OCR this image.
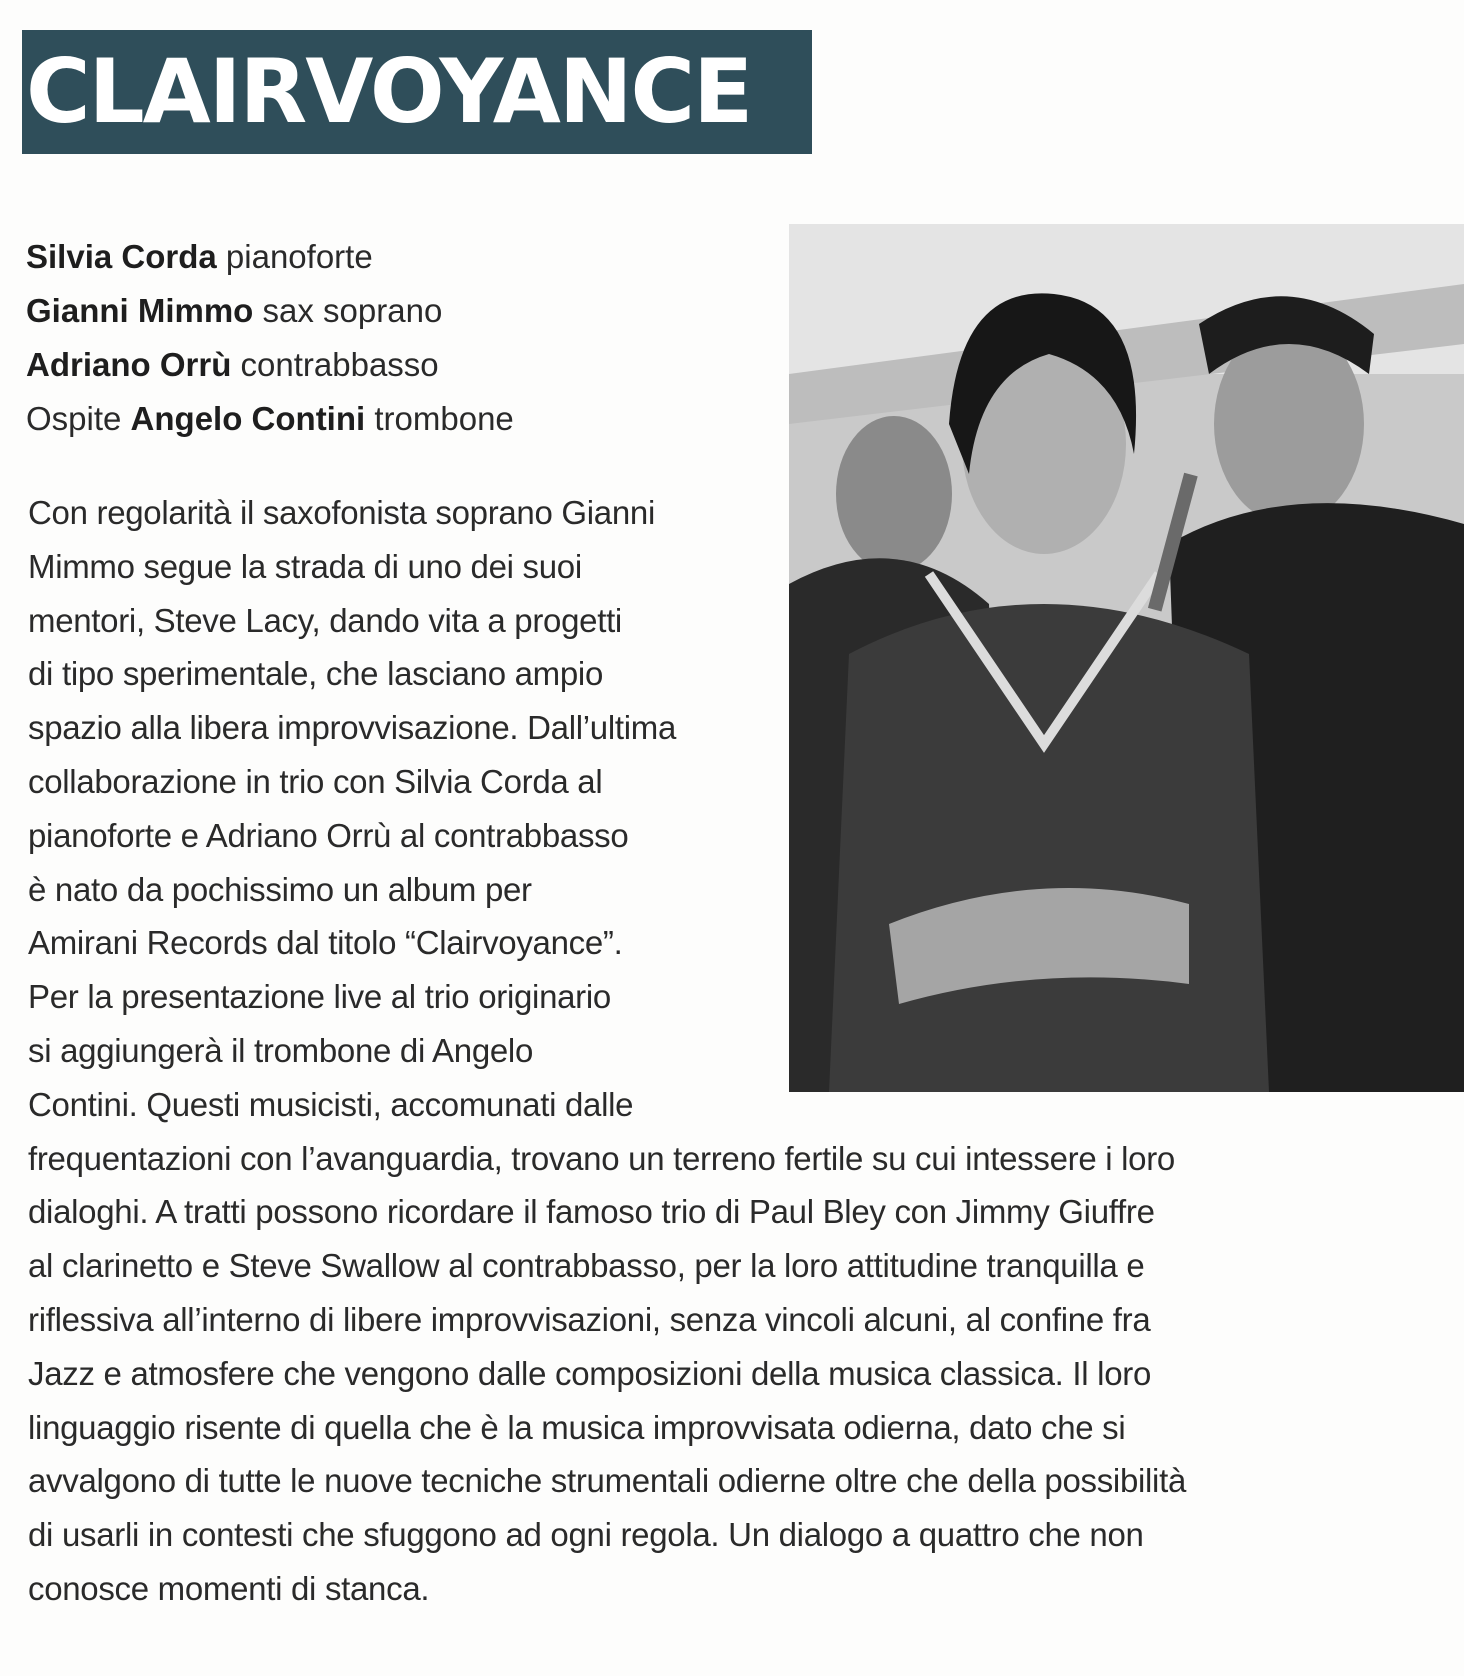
CLAIRVOYANCE
Silvia Corda pianoforte
Gianni Mimmo sax soprano
Adriano Orrù contrabbasso
Ospite Angelo Contini trombone
Con regolarità il saxofonista soprano Gianni
Mimmo segue la strada di uno dei suoi
mentori, Steve Lacy, dando vita a progetti
di tipo sperimentale, che lasciano ampio
spazio alla libera improvvisazione. Dall’ultima
collaborazione in trio con Silvia Corda al
pianoforte e Adriano Orrù al contrabbasso
è nato da pochissimo un album per
Amirani Records dal titolo “Clairvoyance”.
Per la presentazione live al trio originario
si aggiungerà il trombone di Angelo
Contini. Questi musicisti, accomunati dalle
frequentazioni con l’avanguardia, trovano un terreno fertile su cui intessere i loro
dialoghi. A tratti possono ricordare il famoso trio di Paul Bley con Jimmy Giuffre
al clarinetto e Steve Swallow al contrabbasso, per la loro attitudine tranquilla e
riflessiva all’interno di libere improvvisazioni, senza vincoli alcuni, al confine fra
Jazz e atmosfere che vengono dalle composizioni della musica classica. Il loro
linguaggio risente di quella che è la musica improvvisata odierna, dato che si
avvalgono di tutte le nuove tecniche strumentali odierne oltre che della possibilità
di usarli in contesti che sfuggono ad ogni regola. Un dialogo a quattro che non
conosce momenti di stanca.
